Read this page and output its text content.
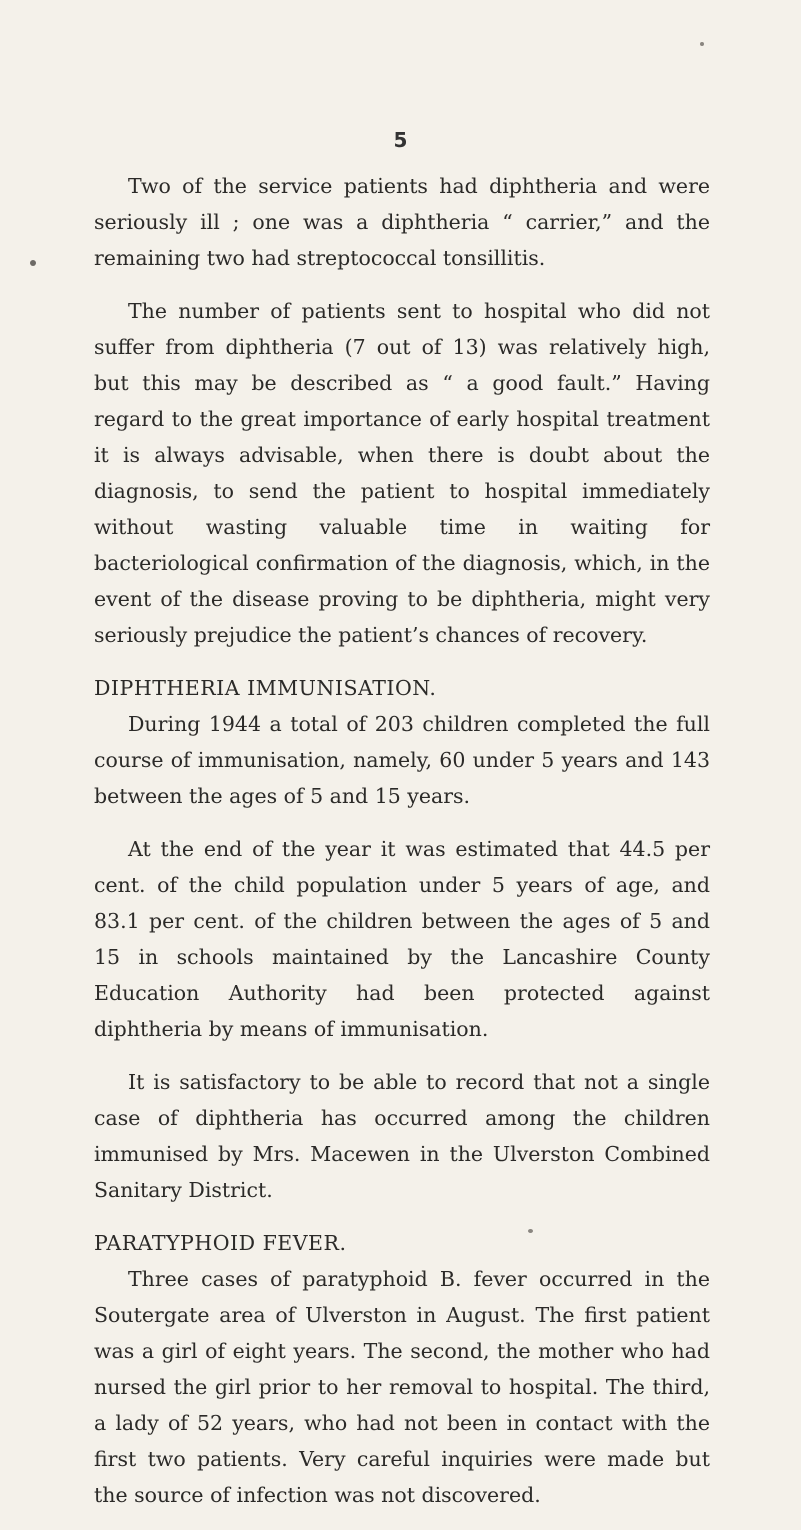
5

Two of the service patients had diphtheria and were seriously ill ; one was a diphtheria “ carrier,” and the remaining two had streptococcal tonsillitis.

The number of patients sent to hospital who did not suffer from diphtheria (7 out of 13) was relatively high, but this may be described as “ a good fault.” Having regard to the great importance of early hospital treatment it is always advisable, when there is doubt about the diagnosis, to send the patient to hospital immediately without wasting valuable time in waiting for bacteriological confirmation of the diagnosis, which, in the event of the disease proving to be diphtheria, might very seriously prejudice the patient’s chances of recovery.

DIPHTHERIA IMMUNISATION.

During 1944 a total of 203 children completed the full course of immunisation, namely, 60 under 5 years and 143 between the ages of 5 and 15 years.

At the end of the year it was estimated that 44.5 per cent. of the child population under 5 years of age, and 83.1 per cent. of the children between the ages of 5 and 15 in schools maintained by the Lancashire County Education Authority had been protected against diphtheria by means of immunisation.

It is satisfactory to be able to record that not a single case of diphtheria has occurred among the children immunised by Mrs. Macewen in the Ulverston Combined Sanitary District.

PARATYPHOID FEVER.

Three cases of paratyphoid B. fever occurred in the Soutergate area of Ulverston in August. The first patient was a girl of eight years. The second, the mother who had nursed the girl prior to her removal to hospital. The third, a lady of 52 years, who had not been in contact with the first two patients. Very careful inquiries were made but the source of infection was not discovered.
